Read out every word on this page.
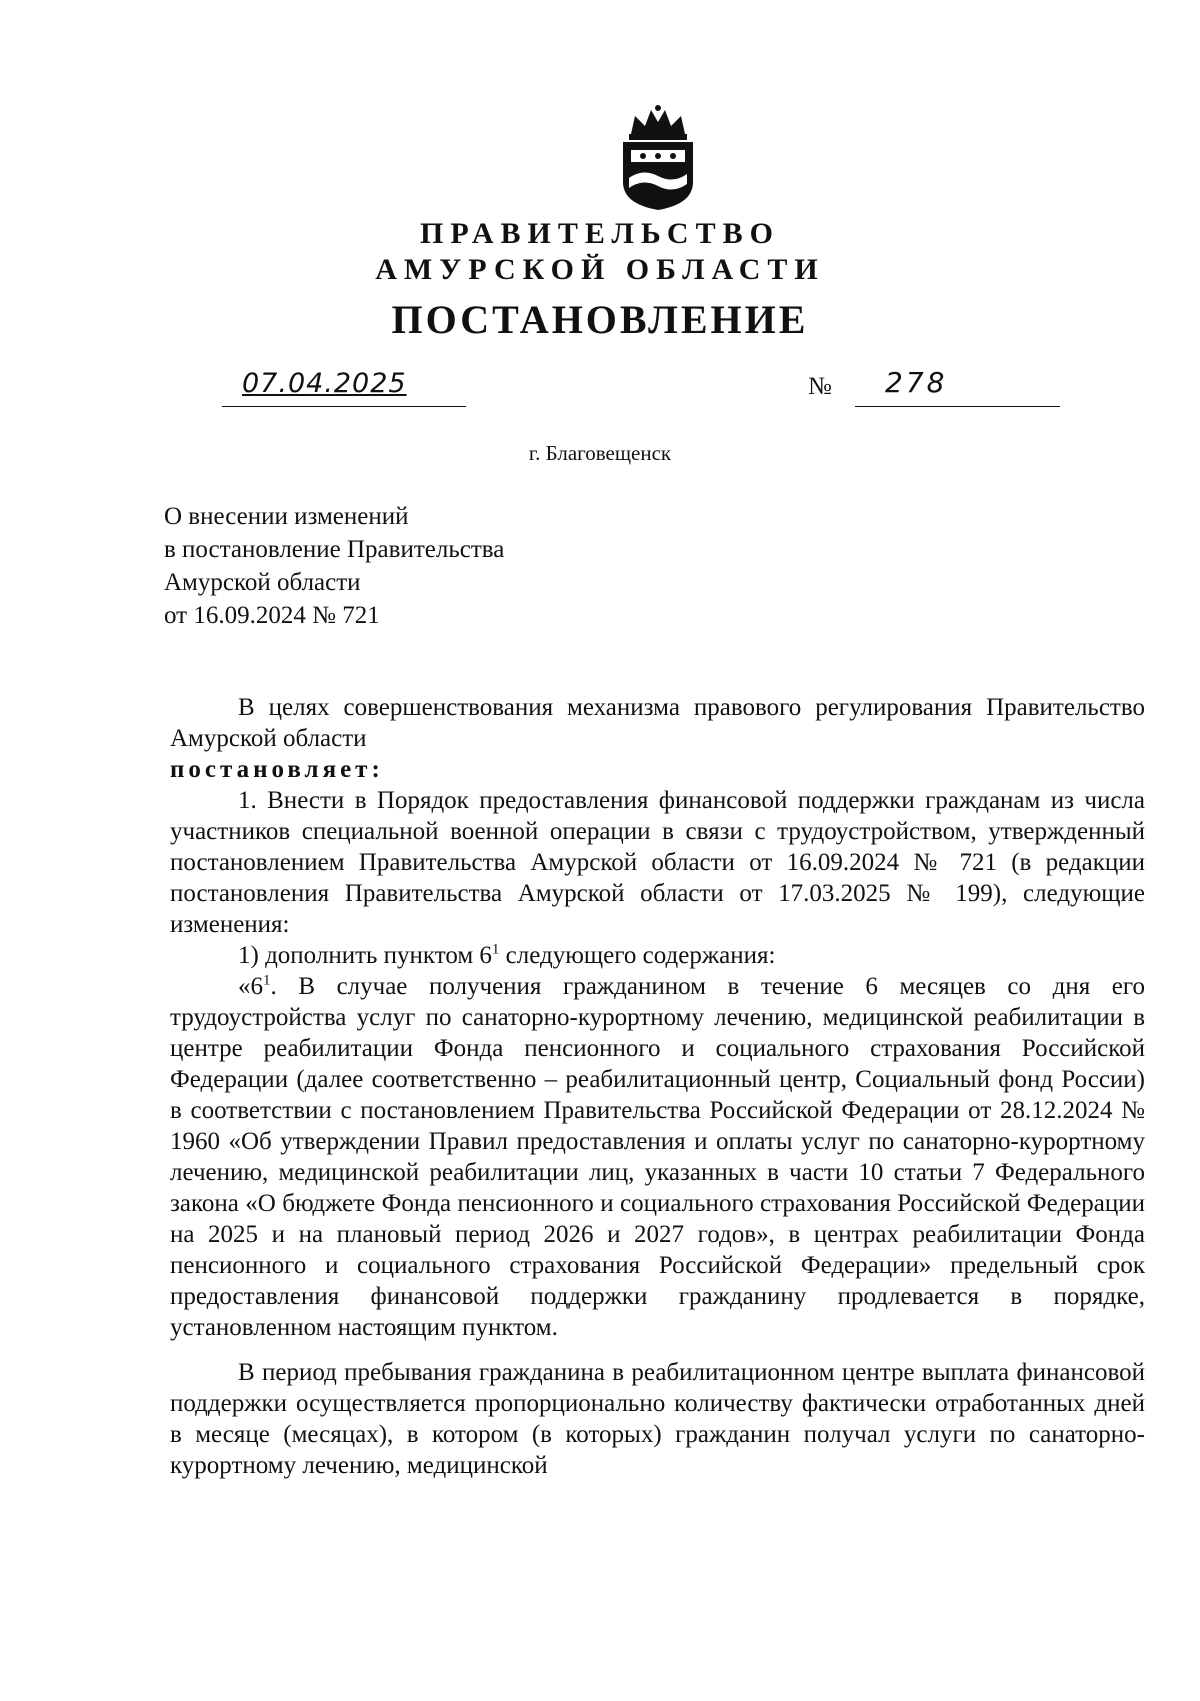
ПРАВИТЕЛЬСТВО
АМУРСКОЙ ОБЛАСТИ
ПОСТАНОВЛЕНИЕ
07.04.2025	№ 278
г. Благовещенск
О внесении изменений
в постановление Правительства
Амурской области
от 16.09.2024 № 721

В целях совершенствования механизма правового регулирования Правительство Амурской области

постановляет:

1. Внести в Порядок предоставления финансовой поддержки гражданам из числа участников специальной военной операции в связи с трудоустройством, утвержденный постановлением Правительства Амурской области от 16.09.2024 № 721 (в редакции постановления Правительства Амурской области от 17.03.2025 № 199), следующие изменения:

1) дополнить пунктом $6^1$ следующего содержания:

«$6^1$. В случае получения гражданином в течение 6 месяцев со дня его трудоустройства услуг по санаторно-курортному лечению, медицинской реабилитации в центре реабилитации Фонда пенсионного и социального страхования Российской Федерации (далее соответственно – реабилитационный центр, Социальный фонд России) в соответствии с постановлением Правительства Российской Федерации от 28.12.2024 № 1960 «Об утверждении Правил предоставления и оплаты услуг по санаторно-курортному лечению, медицинской реабилитации лиц, указанных в части 10 статьи 7 Федерального закона «О бюджете Фонда пенсионного и социального страхования Российской Федерации на 2025 и на плановый период 2026 и 2027 годов», в центрах реабилитации Фонда пенсионного и социального страхования Российской Федерации» предельный срок предоставления финансовой поддержки гражданину продлевается в порядке, установленном настоящим пунктом.

В период пребывания гражданина в реабилитационном центре выплата финансовой поддержки осуществляется пропорционально количеству фактически отработанных дней в месяце (месяцах), в котором (в которых) гражданин получал услуги по санаторно-курортному лечению, медицинской
